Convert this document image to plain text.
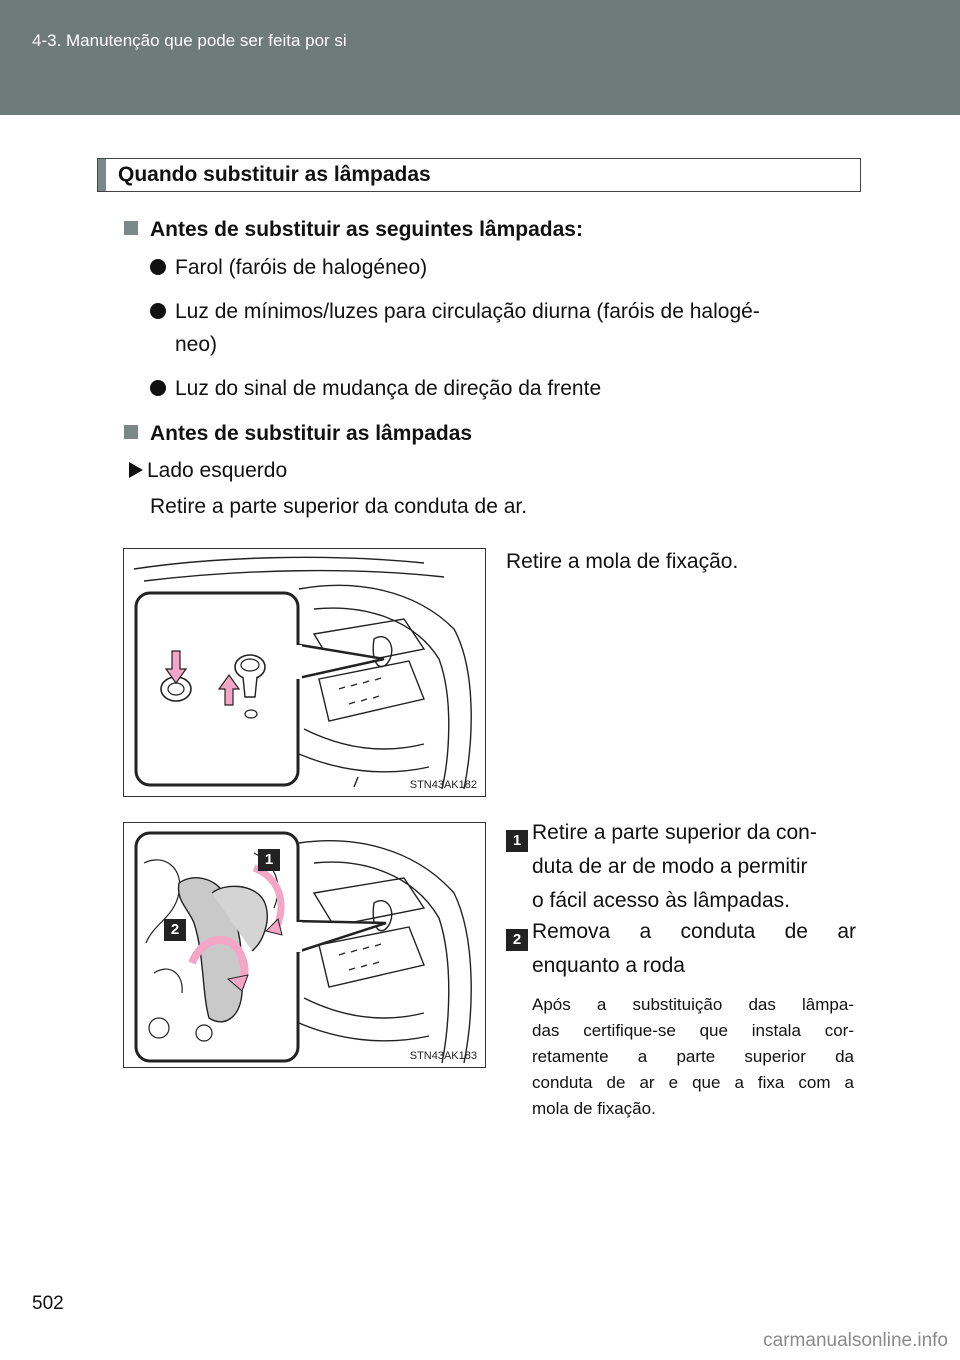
4-3. Manutenção que pode ser feita por si
Quando substituir as lâmpadas
Antes de substituir as seguintes lâmpadas:
Farol (faróis de halogéneo)
Luz de mínimos/luzes para circulação diurna (faróis de halogé-
neo)
Luz do sinal de mudança de direção da frente
Antes de substituir as lâmpadas
Lado esquerdo
Retire a parte superior da conduta de ar.
STN43AK182
Retire a mola de fixação.
1
2
STN43AK183
1 Retire a parte superior da con-
duta de ar de modo a permitir
o fácil acesso às lâmpadas.
2 Remova a conduta de ar
enquanto a roda
Após a substituição das lâmpa-
das certifique-se que instala cor-
retamente a parte superior da
conduta de ar e que a fixa com a
mola de fixação.
502
carmanualsonline.info
